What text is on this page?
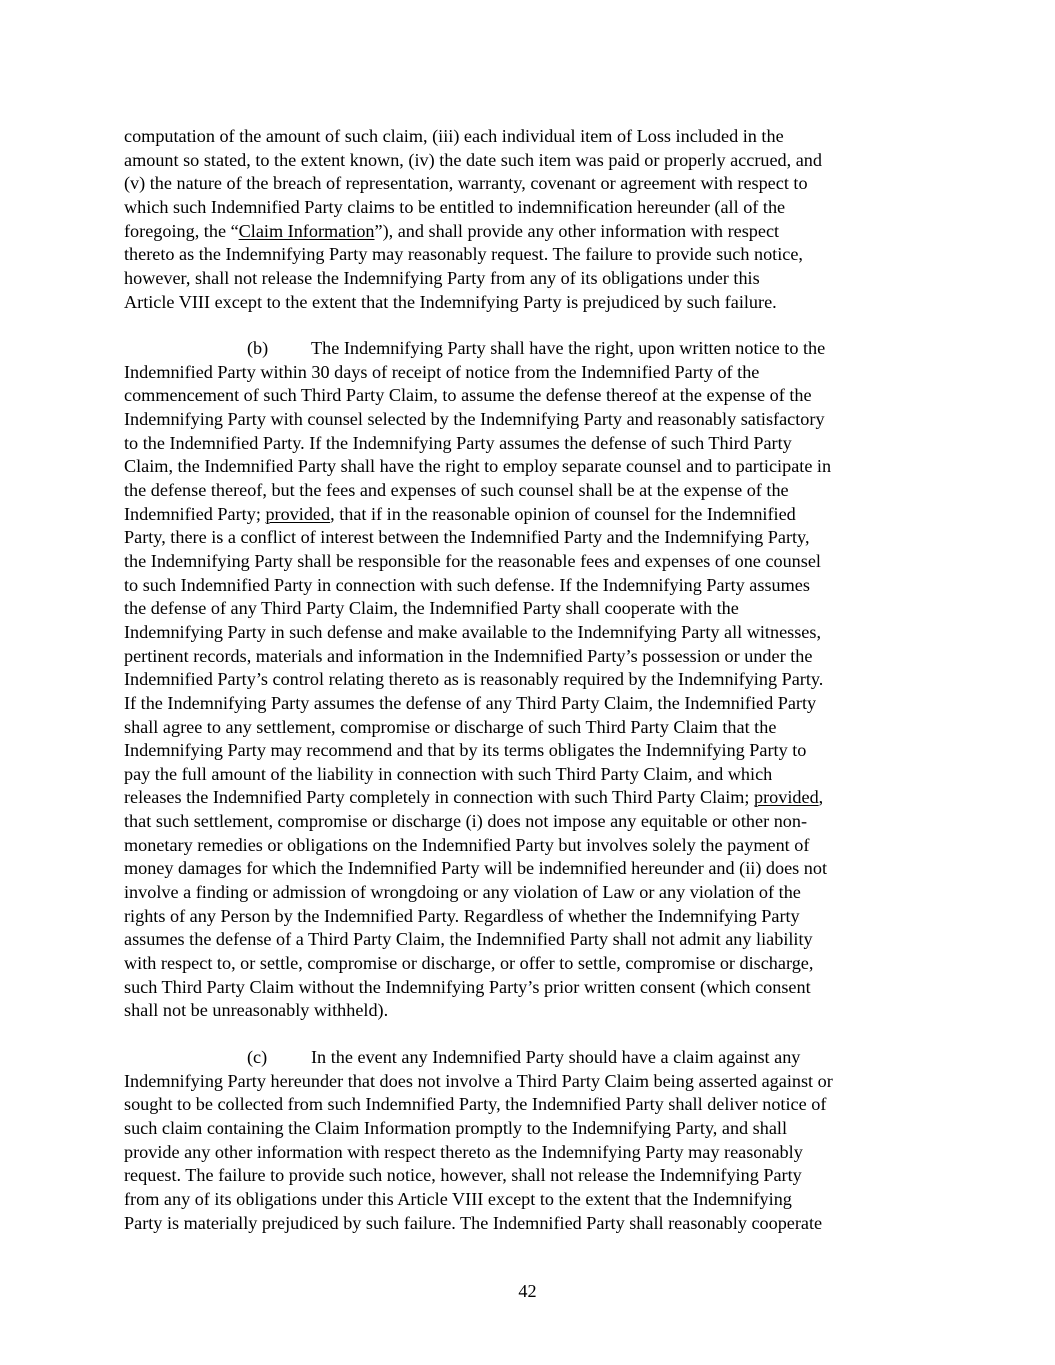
computation of the amount of such claim, (iii) each individual item of Loss included in the
amount so stated, to the extent known, (iv) the date such item was paid or properly accrued, and
(v) the nature of the breach of representation, warranty, covenant or agreement with respect to
which such Indemnified Party claims to be entitled to indemnification hereunder (all of the
foregoing, the “Claim Information”), and shall provide any other information with respect
thereto as the Indemnifying Party may reasonably request. The failure to provide such notice,
however, shall not release the Indemnifying Party from any of its obligations under this
Article VIII except to the extent that the Indemnifying Party is prejudiced by such failure.
(b) The Indemnifying Party shall have the right, upon written notice to the
Indemnified Party within 30 days of receipt of notice from the Indemnified Party of the
commencement of such Third Party Claim, to assume the defense thereof at the expense of the
Indemnifying Party with counsel selected by the Indemnifying Party and reasonably satisfactory
to the Indemnified Party. If the Indemnifying Party assumes the defense of such Third Party
Claim, the Indemnified Party shall have the right to employ separate counsel and to participate in
the defense thereof, but the fees and expenses of such counsel shall be at the expense of the
Indemnified Party; provided, that if in the reasonable opinion of counsel for the Indemnified
Party, there is a conflict of interest between the Indemnified Party and the Indemnifying Party,
the Indemnifying Party shall be responsible for the reasonable fees and expenses of one counsel
to such Indemnified Party in connection with such defense. If the Indemnifying Party assumes
the defense of any Third Party Claim, the Indemnified Party shall cooperate with the
Indemnifying Party in such defense and make available to the Indemnifying Party all witnesses,
pertinent records, materials and information in the Indemnified Party’s possession or under the
Indemnified Party’s control relating thereto as is reasonably required by the Indemnifying Party.
If the Indemnifying Party assumes the defense of any Third Party Claim, the Indemnified Party
shall agree to any settlement, compromise or discharge of such Third Party Claim that the
Indemnifying Party may recommend and that by its terms obligates the Indemnifying Party to
pay the full amount of the liability in connection with such Third Party Claim, and which
releases the Indemnified Party completely in connection with such Third Party Claim; provided,
that such settlement, compromise or discharge (i) does not impose any equitable or other non-
monetary remedies or obligations on the Indemnified Party but involves solely the payment of
money damages for which the Indemnified Party will be indemnified hereunder and (ii) does not
involve a finding or admission of wrongdoing or any violation of Law or any violation of the
rights of any Person by the Indemnified Party. Regardless of whether the Indemnifying Party
assumes the defense of a Third Party Claim, the Indemnified Party shall not admit any liability
with respect to, or settle, compromise or discharge, or offer to settle, compromise or discharge,
such Third Party Claim without the Indemnifying Party’s prior written consent (which consent
shall not be unreasonably withheld).
(c) In the event any Indemnified Party should have a claim against any
Indemnifying Party hereunder that does not involve a Third Party Claim being asserted against or
sought to be collected from such Indemnified Party, the Indemnified Party shall deliver notice of
such claim containing the Claim Information promptly to the Indemnifying Party, and shall
provide any other information with respect thereto as the Indemnifying Party may reasonably
request. The failure to provide such notice, however, shall not release the Indemnifying Party
from any of its obligations under this Article VIII except to the extent that the Indemnifying
Party is materially prejudiced by such failure. The Indemnified Party shall reasonably cooperate
42
